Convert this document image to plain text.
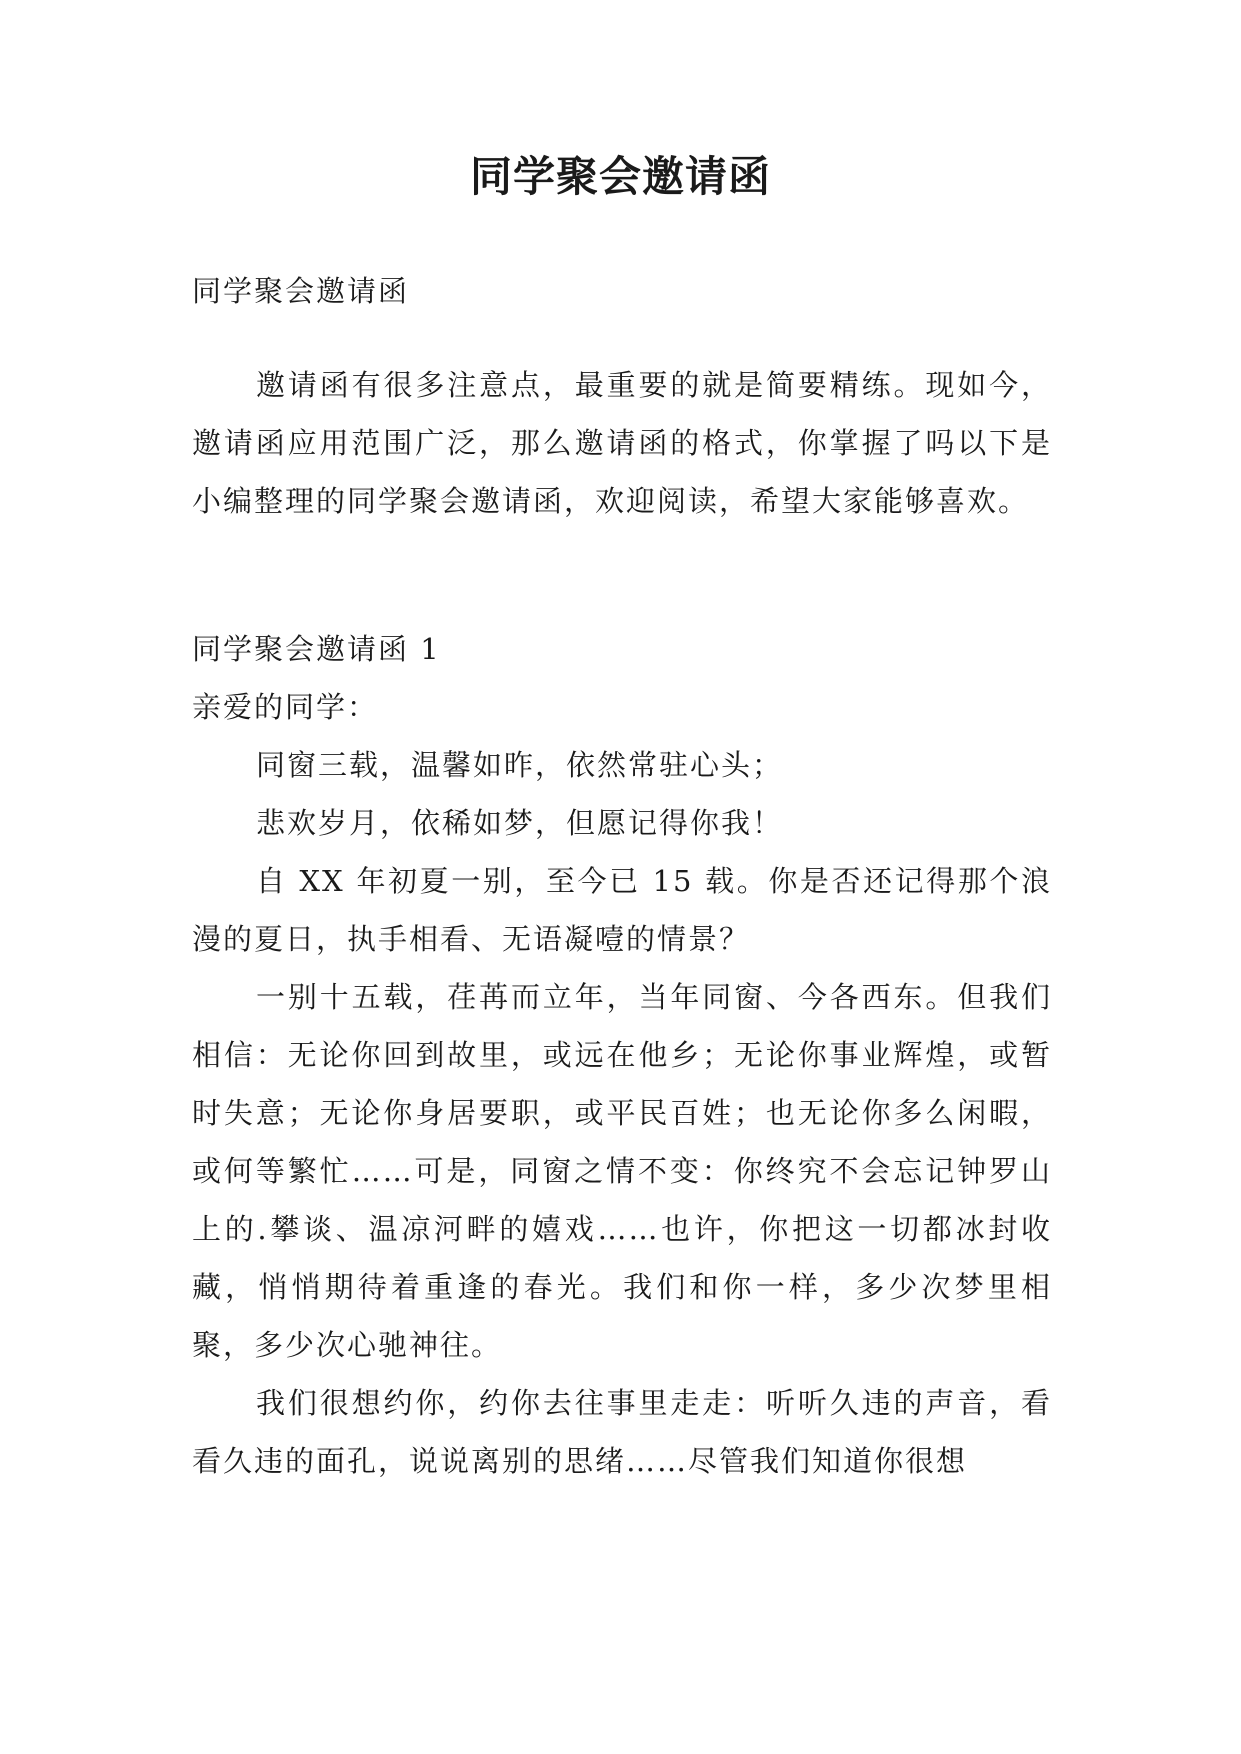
同学聚会邀请函

同学聚会邀请函

邀请函有很多注意点，最重要的就是简要精练。现如今，邀请函应用范围广泛，那么邀请函的格式，你掌握了吗以下是小编整理的同学聚会邀请函，欢迎阅读，希望大家能够喜欢。

同学聚会邀请函 1

亲爱的同学：

同窗三载，温馨如昨，依然常驻心头；

悲欢岁月，依稀如梦，但愿记得你我！

自 XX 年初夏一别，至今已 15 载。你是否还记得那个浪漫的夏日，执手相看、无语凝噎的情景？

一别十五载，荏苒而立年，当年同窗、今各西东。但我们相信：无论你回到故里，或远在他乡；无论你事业辉煌，或暂时失意；无论你身居要职，或平民百姓；也无论你多么闲暇，或何等繁忙……可是，同窗之情不变：你终究不会忘记钟罗山上的.攀谈、温凉河畔的嬉戏……也许，你把这一切都冰封收藏，悄悄期待着重逢的春光。我们和你一样，多少次梦里相聚，多少次心驰神往。

我们很想约你，约你去往事里走走：听听久违的声音，看看久违的面孔，说说离别的思绪……尽管我们知道你很想
